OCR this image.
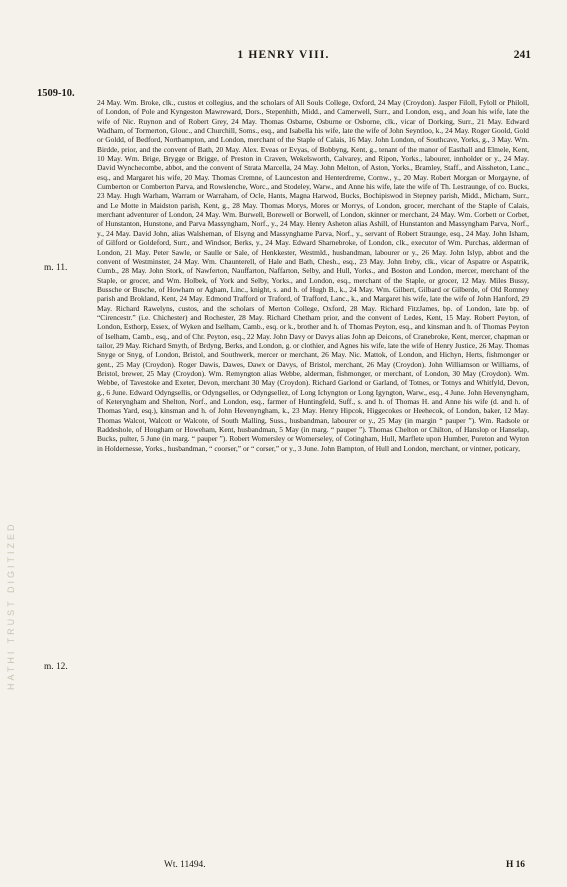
HATHI TRUST DIGITIZED
1 HENRY VIII.	241
1509-10.
m. 11.
m. 12.
24 May. Wm. Broke, clk., custos et collegius, and the scholars of All Souls College, Oxford, 24 May (Croydon). Jasper Filoll, Fyloll or Philoll, of London, of Pole and Kyngeston Mawreward, Dors., Stepenhith, Midd., and Camerwell, Surr., and London, esq., and Joan his wife, late the wife of Nic. Ruynon and of Robert Grey, 24 May. Thomas Osbarne, Osburne or Osborne, clk., vicar of Dorking, Surr., 21 May. Edward Wadham, of Tormerton, Glouc., and Churchill, Soms., esq., and Isabella his wife, late the wife of John Seyntloo, k., 24 May. Roger Goold, Gold or Goldd, of Bedford, Northampton, and London, merchant of the Staple of Calais, 16 May. John London, of Southcave, Yorks, g., 3 May. Wm. Birdde, prior, and the convent of Bath, 20 May. Alex. Eveas or Evyas, of Bobbyng, Kent, g., tenant of the manor of Easthall and Elmele, Kent, 10 May. Wm. Brige, Brygge or Brigge, of Preston in Craven, Wekelsworth, Calvarey, and Ripon, Yorks., labourer, innholder or y., 24 May. David Wynchecombe, abbot, and the convent of Strata Marcella, 24 May. John Melton, of Aston, Yorks., Bramley, Staff., and Aissheton, Lanc., esq., and Margaret his wife, 20 May. Thomas Cremne, of Launceston and Henterdreme, Cornw., y., 20 May. Robert Morgan or Morgayne, of Cumberton or Comberton Parva, and Rowslenche, Worc., and Stodeley, Warw., and Anne his wife, late the wife of Th. Lestraunge, of co. Bucks, 23 May. Hugh Warham, Warram or Warraham, of Ocle, Hants, Magna Harwod, Bucks, Bochipiswod in Stepney parish, Midd., Micham, Surr., and Le Motte in Maidston parish, Kent, g., 28 May. Thomas Morys, Mores or Morrys, of London, grocer, merchant of the Staple of Calais, merchant adventurer of London, 24 May. Wm. Burwell, Borewell or Borwell, of London, skinner or merchant, 24 May. Wm. Corbett or Corbet, of Hunstanton, Hunstone, and Parva Massyngham, Norf., y., 24 May. Henry Asheton alias Ashill, of Hunstanton and Massyngham Parva, Norf., y., 24 May. David John, alias Walsheman, of Elsyng and Massynghame Parva, Norf., y., servant of Robert Straunge, esq., 24 May. John Isham, of Gilford or Goldeford, Surr., and Windsor, Berks, y., 24 May. Edward Sharnebroke, of London, clk., executor of Wm. Purchas, alderman of London, 21 May. Peter Sawle, or Saulle or Sale, of Henkkester, Westmld., husbandman, labourer or y., 26 May. John Islyp, abbot and the convent of Westminster, 24 May. Wm. Chaunterell, of Hale and Bath, Chesh., esq., 23 May. John Ireby, clk., vicar of Aspatre or Aspatrik, Cumb., 28 May. John Stork, of Nawferton, Nauffarton, Naffarton, Selby, and Hull, Yorks., and Boston and London, mercer, merchant of the Staple, or grocer, and Wm. Holbek, of York and Selby, Yorks., and London, esq., merchant of the Staple, or grocer, 12 May. Miles Bussy, Bussche or Busche, of Howham or Agham, Linc., knight, s. and h. of Hugh B., k., 24 May. Wm. Gilbert, Gilbard or Gilberde, of Old Romney parish and Brokland, Kent, 24 May. Edmond Trafford or Traford, of Trafford, Lanc., k., and Margaret his wife, late the wife of John Hanford, 29 May. Richard Rawelyns, custos, and the scholars of Merton College, Oxford, 28 May. Richard FitzJames, bp. of London, late bp. of “Cirencestr.” (i.e. Chichester) and Rochester, 28 May. Richard Chetham prior, and the convent of Ledes, Kent, 15 May. Robert Peyton, of London, Esthorp, Essex, of Wyken and Iselham, Camb., esq. or k., brother and h. of Thomas Peyton, esq., and kinsman and h. of Thomas Peyton of Iselham, Camb., esq., and of Chr. Peyton, esq., 22 May. John Davy or Davys alias John ap Deicons, of Cranebroke, Kent, mercer, chapman or tailor, 29 May. Richard Smyth, of Brdyng, Berks, and London, g. or clothier, and Agnes his wife, late the wife of Henry Justice, 26 May. Thomas Snyge or Snyg, of London, Bristol, and Southwerk, mercer or merchant, 26 May. Nic. Mattok, of London, and Hichyn, Herts, fishmonger or gent., 25 May (Croydon). Roger Dawis, Dawes, Dawx or Davys, of Bristol, merchant, 26 May (Croydon). John Williamson or Williams, of Bristol, brewer, 25 May (Croydon). Wm. Remyngton alias Webbe, alderman, fishmonger, or merchant, of London, 30 May (Croydon). Wm. Webbe, of Tavestoke and Exeter, Devon, merchant 30 May (Croydon). Richard Garlond or Garland, of Totnes, or Totnys and Whitfyld, Devon, g., 6 June. Edward Odyngsellis, or Odyngselles, or Odyngsellez, of Long Ichyngton or Long Igyngton, Warw., esq., 4 June. John Hevenyngham, of Keteryngham and Shelton, Norf., and London, esq., farmer of Huntingfeld, Suff., s. and h. of Thomas H. and Anne his wife (d. and h. of Thomas Yard, esq.), kinsman and h. of John Hevenyngham, k., 23 May. Henry Hipcok, Higgecokes or Heehecok, of London, baker, 12 May. Thomas Walcot, Walcott or Walcote, of South Malling, Suss., husbandman, labourer or y., 25 May (in margin “ pauper ”). Wm. Radsole or Raddeshole, of Hougham or Howeham, Kent, husbandman, 5 May (in marg. “ pauper ”). Thomas Chelton or Chilton, of Hanslop or Hanselap, Bucks, pulter, 5 June (in marg. “ pauper ”). Robert Womersley or Womerseley, of Cotingham, Hull, Marflete upon Humber, Pureton and Wyton in Holdernesse, Yorks., husbandman, “ coorser,” or “ corser,” or y., 3 June. John Bampton, of Hull and London, merchant, or vintner, poticary,
Wt. 11494.	H 16
